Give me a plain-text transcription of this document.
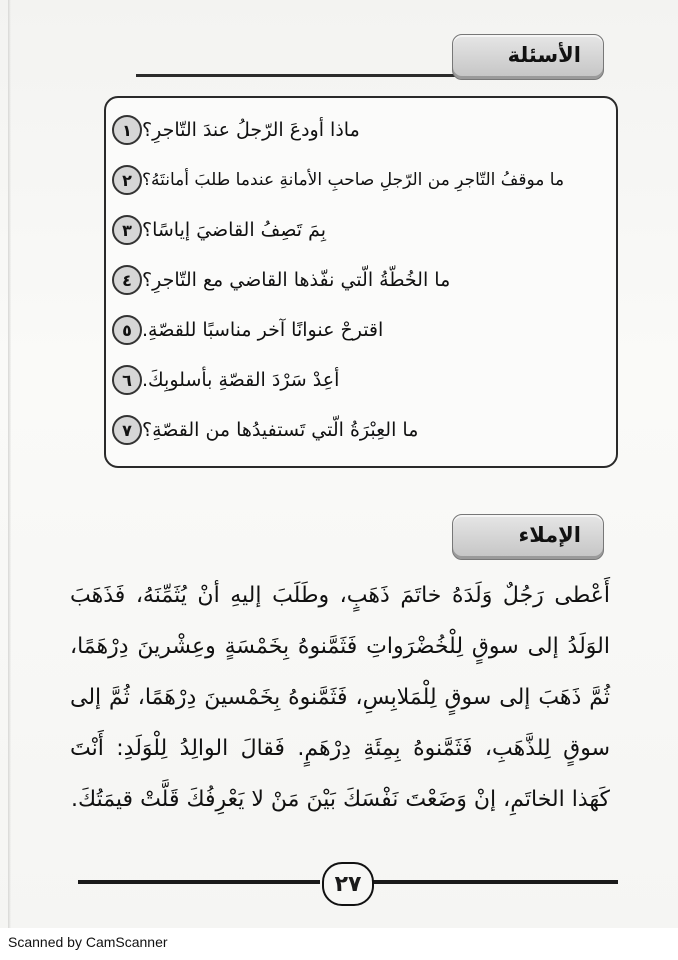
الأسئلة
١ ماذا أودعَ الرّجلُ عندَ التّاجرِ؟
٢ ما موقفُ التّاجرِ من الرّجلِ صاحبِ الأمانةِ عندما طلبَ أمانتَهُ؟
٣ بِمَ تَصِفُ القاضيَ إياسًا؟
٤ ما الخُطّةُ الّتي نفّذها القاضي مع التّاجرِ؟
٥ اقترحْ عنوانًا آخر مناسبًا للقصّةِ.
٦ أعِدْ سَرْدَ القصّةِ بأسلوبِكَ.
٧ ما العِبْرَةُ الّتي تَستفيدُها من القصّةِ؟
الإملاء
أَعْطى رَجُلٌ وَلَدَهُ خاتَمَ ذَهَبٍ، وطَلَبَ إليهِ أنْ يُثَمِّنَهُ، فَذَهَبَ الوَلَدُ إلى سوقٍ لِلْخُضْرَواتِ فَثَمَّنوهُ بِخَمْسَةٍ وعِشْرينَ دِرْهَمًا، ثُمَّ ذَهَبَ إلى سوقٍ لِلْمَلابِسِ، فَثَمَّنوهُ بِخَمْسينَ دِرْهَمًا، ثُمَّ إلى سوقٍ لِلذَّهَبِ، فَثَمَّنوهُ بِمِئَةِ دِرْهَمٍ. فَقالَ الوالِدُ لِلْوَلَدِ: أَنْتَ كَهَذا الخاتَمِ، إنْ وَضَعْتَ نَفْسَكَ بَيْنَ مَنْ لا يَعْرِفُكَ قَلَّتْ قيمَتُكَ.
٢٧
Scanned by CamScanner
